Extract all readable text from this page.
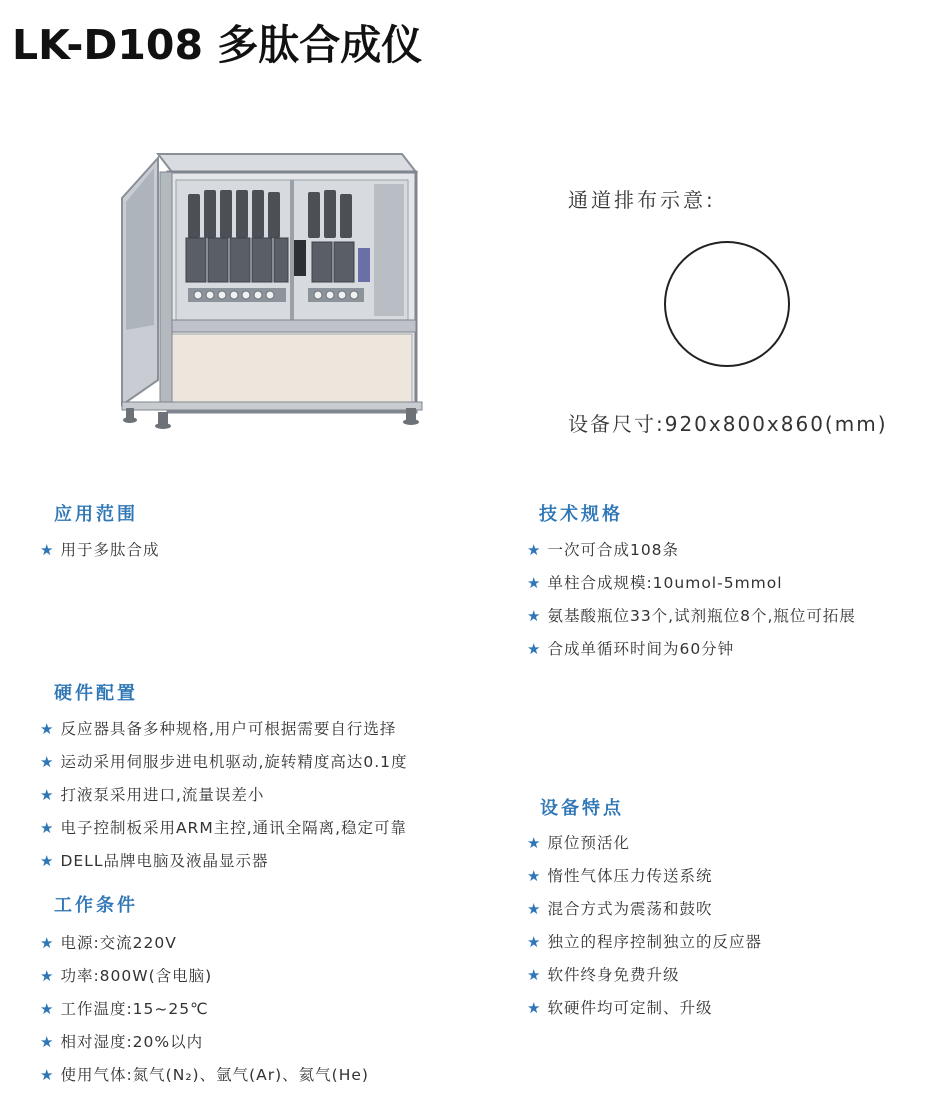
LK-D108 多肽合成仪
通道排布示意:
设备尺寸:920x800x860(mm)
应用范围
★ 用于多肽合成
技术规格
★ 一次可合成108条
★ 单柱合成规模:10umol-5mmol
★ 氨基酸瓶位33个,试剂瓶位8个,瓶位可拓展
★ 合成单循环时间为60分钟
硬件配置
★ 反应器具备多种规格,用户可根据需要自行选择
★ 运动采用伺服步进电机驱动,旋转精度高达0.1度
★ 打液泵采用进口,流量误差小
★ 电子控制板采用ARM主控,通讯全隔离,稳定可靠
★ DELL品牌电脑及液晶显示器
设备特点
★ 原位预活化
★ 惰性气体压力传送系统
★ 混合方式为震荡和鼓吹
★ 独立的程序控制独立的反应器
★ 软件终身免费升级
★ 软硬件均可定制、升级
工作条件
★ 电源:交流220V
★ 功率:800W(含电脑)
★ 工作温度:15~25℃
★ 相对湿度:20%以内
★ 使用气体:氮气(N₂)、氩气(Ar)、氦气(He)
